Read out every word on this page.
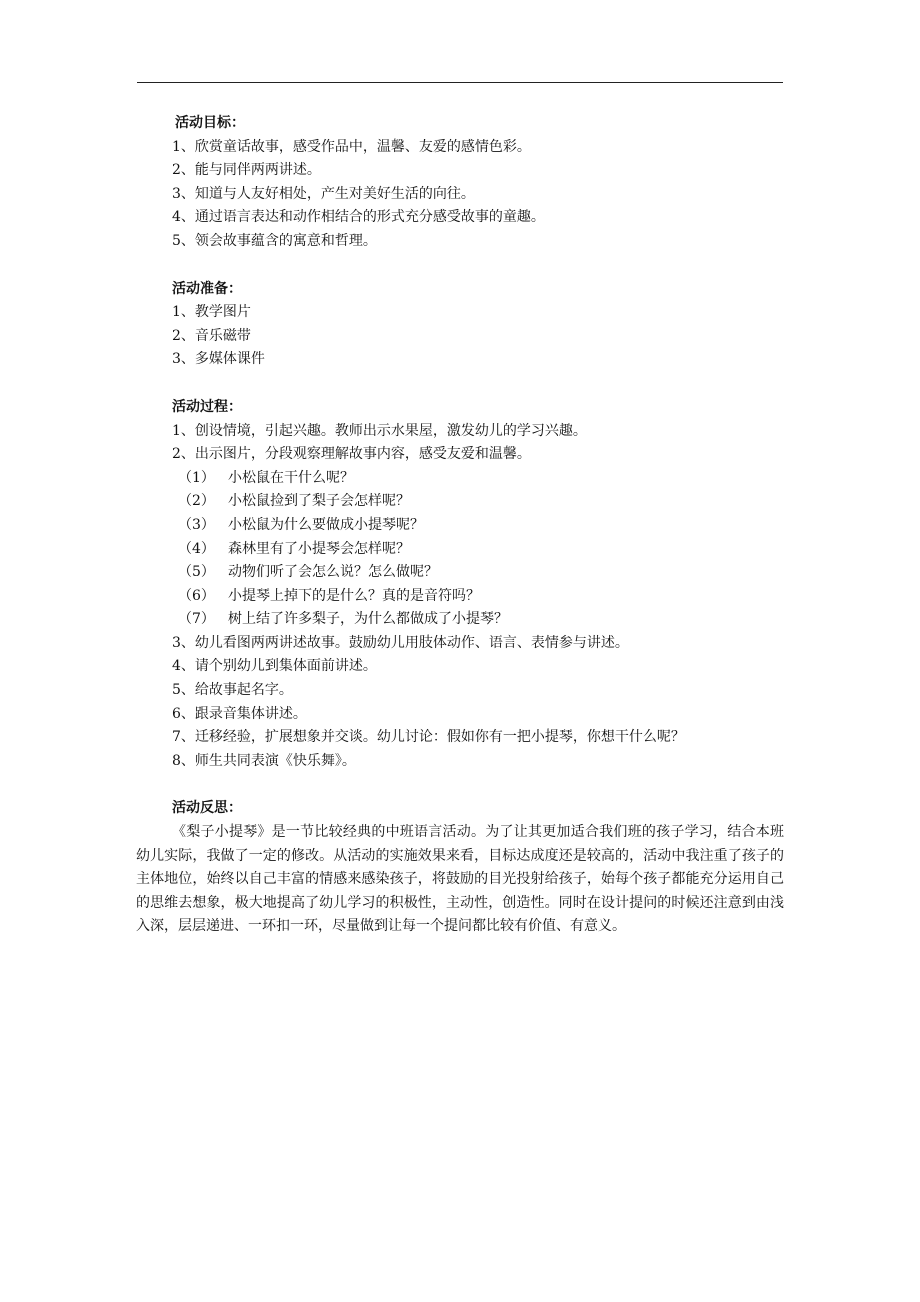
活动目标：
1、欣赏童话故事，感受作品中，温馨、友爱的感情色彩。
2、能与同伴两两讲述。
3、知道与人友好相处，产生对美好生活的向往。
4、通过语言表达和动作相结合的形式充分感受故事的童趣。
5、领会故事蕴含的寓意和哲理。
活动准备：
1、教学图片
2、音乐磁带
3、多媒体课件
活动过程：
1、创设情境，引起兴趣。教师出示水果屋，激发幼儿的学习兴趣。
2、出示图片，分段观察理解故事内容，感受友爱和温馨。
（1） 小松鼠在干什么呢？
（2） 小松鼠捡到了梨子会怎样呢？
（3） 小松鼠为什么要做成小提琴呢？
（4） 森林里有了小提琴会怎样呢？
（5） 动物们听了会怎么说？怎么做呢？
（6） 小提琴上掉下的是什么？真的是音符吗？
（7） 树上结了许多梨子，为什么都做成了小提琴？
3、幼儿看图两两讲述故事。鼓励幼儿用肢体动作、语言、表情参与讲述。
4、请个别幼儿到集体面前讲述。
5、给故事起名字。
6、跟录音集体讲述。
7、迁移经验，扩展想象并交谈。幼儿讨论：假如你有一把小提琴，你想干什么呢？
8、师生共同表演《快乐舞》。
活动反思：

《梨子小提琴》是一节比较经典的中班语言活动。为了让其更加适合我们班的孩子学习，结合本班幼儿实际，我做了一定的修改。从活动的实施效果来看，目标达成度还是较高的，活动中我注重了孩子的主体地位，始终以自己丰富的情感来感染孩子，将鼓励的目光投射给孩子，始每个孩子都能充分运用自己的思维去想象，极大地提高了幼儿学习的积极性，主动性，创造性。同时在设计提问的时候还注意到由浅入深，层层递进、一环扣一环，尽量做到让每一个提问都比较有价值、有意义。
